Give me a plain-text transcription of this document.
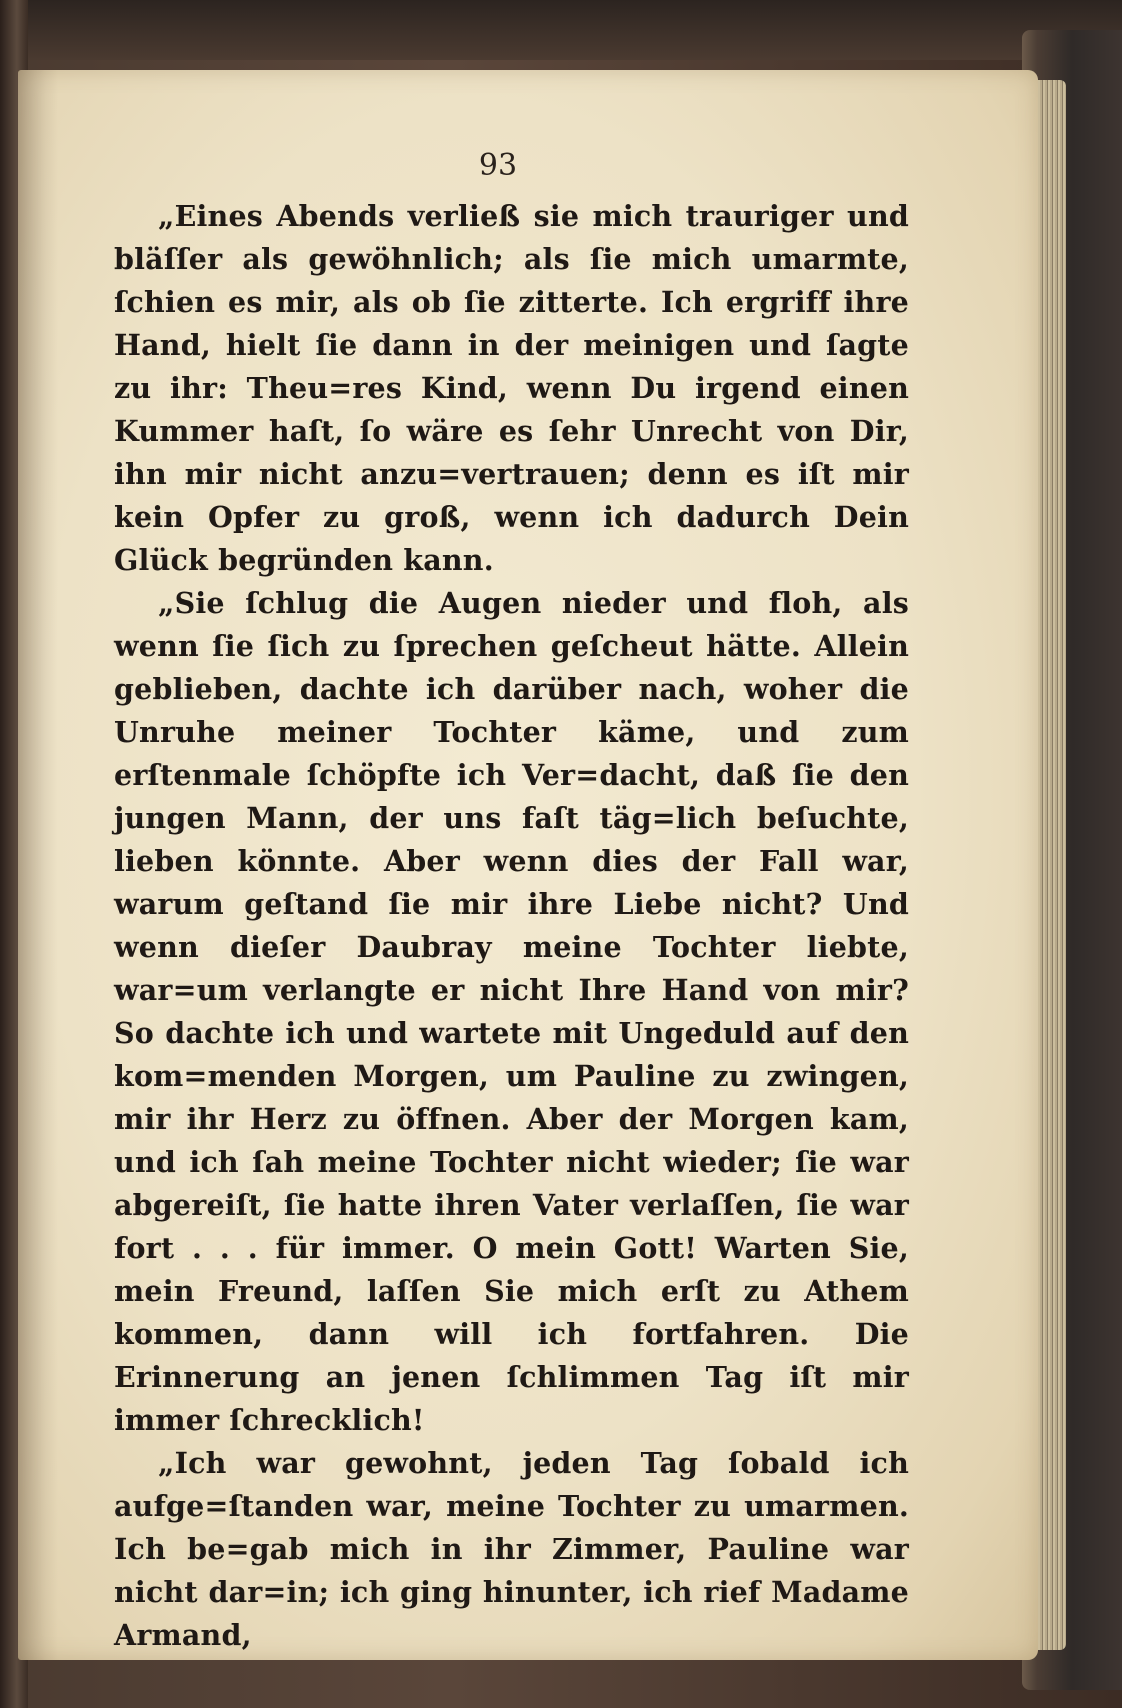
93

„Eines Abends verließ sie mich trauriger und bläſſer als gewöhnlich; als ſie mich umarmte, ſchien es mir, als ob ſie zitterte. Ich ergriff ihre Hand, hielt ſie dann in der meinigen und ſagte zu ihr: Theu=res Kind, wenn Du irgend einen Kummer haſt, ſo wäre es ſehr Unrecht von Dir, ihn mir nicht anzu=vertrauen; denn es iſt mir kein Opfer zu groß, wenn ich dadurch Dein Glück begründen kann.

„Sie ſchlug die Augen nieder und floh, als wenn ſie ſich zu ſprechen geſcheut hätte. Allein geblieben, dachte ich darüber nach, woher die Unruhe meiner Tochter käme, und zum erſtenmale ſchöpfte ich Ver=dacht, daß ſie den jungen Mann, der uns faſt täg=lich beſuchte, lieben könnte. Aber wenn dies der Fall war, warum geſtand ſie mir ihre Liebe nicht? Und wenn dieſer Daubray meine Tochter liebte, war=um verlangte er nicht Ihre Hand von mir? So dachte ich und wartete mit Ungeduld auf den kom=menden Morgen, um Pauline zu zwingen, mir ihr Herz zu öffnen. Aber der Morgen kam, und ich ſah meine Tochter nicht wieder; ſie war abgereiſt, ſie hatte ihren Vater verlaſſen, ſie war fort . . . für immer. O mein Gott! Warten Sie, mein Freund, laſſen Sie mich erſt zu Athem kommen, dann will ich fortfahren. Die Erinnerung an jenen ſchlimmen Tag iſt mir immer ſchrecklich!

„Ich war gewohnt, jeden Tag ſobald ich aufge=ſtanden war, meine Tochter zu umarmen. Ich be=gab mich in ihr Zimmer, Pauline war nicht dar=in; ich ging hinunter, ich rief Madame Armand,
